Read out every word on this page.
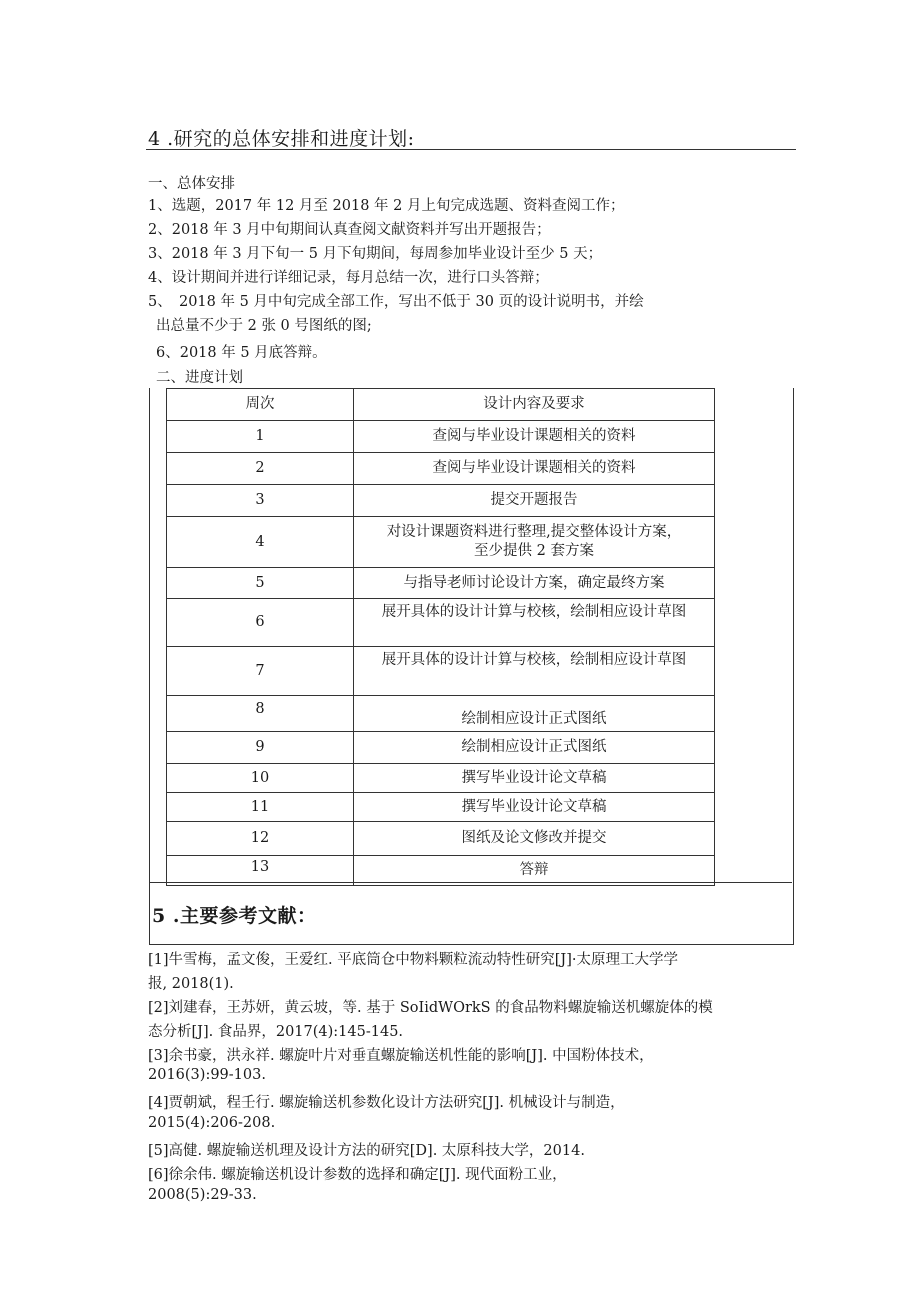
4 .研究的总体安排和进度计划:
一、总体安排
1、选题，2017 年 12 月至 2018 年 2 月上旬完成选题、资料查阅工作；
2、2018 年 3 月中旬期间认真查阅文献资料并写出开题报告；
3、2018 年 3 月下旬一 5 月下旬期间，每周参加毕业设计至少 5 天；
4、设计期间并进行详细记录，每月总结一次，进行口头答辩；
5、　2018 年 5 月中旬完成全部工作，写出不低于 30 页的设计说明书，并绘
出总量不少于 2 张 0 号图纸的图;
6、2018 年 5 月底答辩。
二、进度计划
周次	设计内容及要求
1	查阅与毕业设计课题相关的资料
2	查阅与毕业设计课题相关的资料
3	提交开题报告
4	对设计课题资料进行整理,提交整体设计方案，
至少提供 2 套方案

5	与指导老师讨论设计方案，确定最终方案
6	展开具体的设计计算与校核，绘制相应设计草图
7	展开具体的设计计算与校核，绘制相应设计草图
8	绘制相应设计正式图纸
9	绘制相应设计正式图纸
10	撰写毕业设计论文草稿
11	撰写毕业设计论文草稿
12	图纸及论文修改并提交
13	答辩
5 .主要参考文献：
[1]牛雪梅，孟文俊，王爱红. 平底筒仓中物料颗粒流动特性研究[J]·太原理工大学学
报, 2018(1).
[2]刘建春，王苏妍，黄云坡，等. 基于 SoIidWOrkS 的食品物料螺旋输送机螺旋体的模
态分析[J]. 食品界，2017(4):145-145.
[3]余书豪，洪永祥. 螺旋叶片对垂直螺旋输送机性能的影响[J]. 中国粉体技术，
2016(3):99-103.
[4]贾朝斌，程壬行. 螺旋输送机参数化设计方法研究[J]. 机械设计与制造，
2015(4):206-208.
[5]高健. 螺旋输送机理及设计方法的研究[D]. 太原科技大学，2014.
[6]徐余伟. 螺旋输送机设计参数的选择和确定[J]. 现代面粉工业，
2008(5):29-33.
